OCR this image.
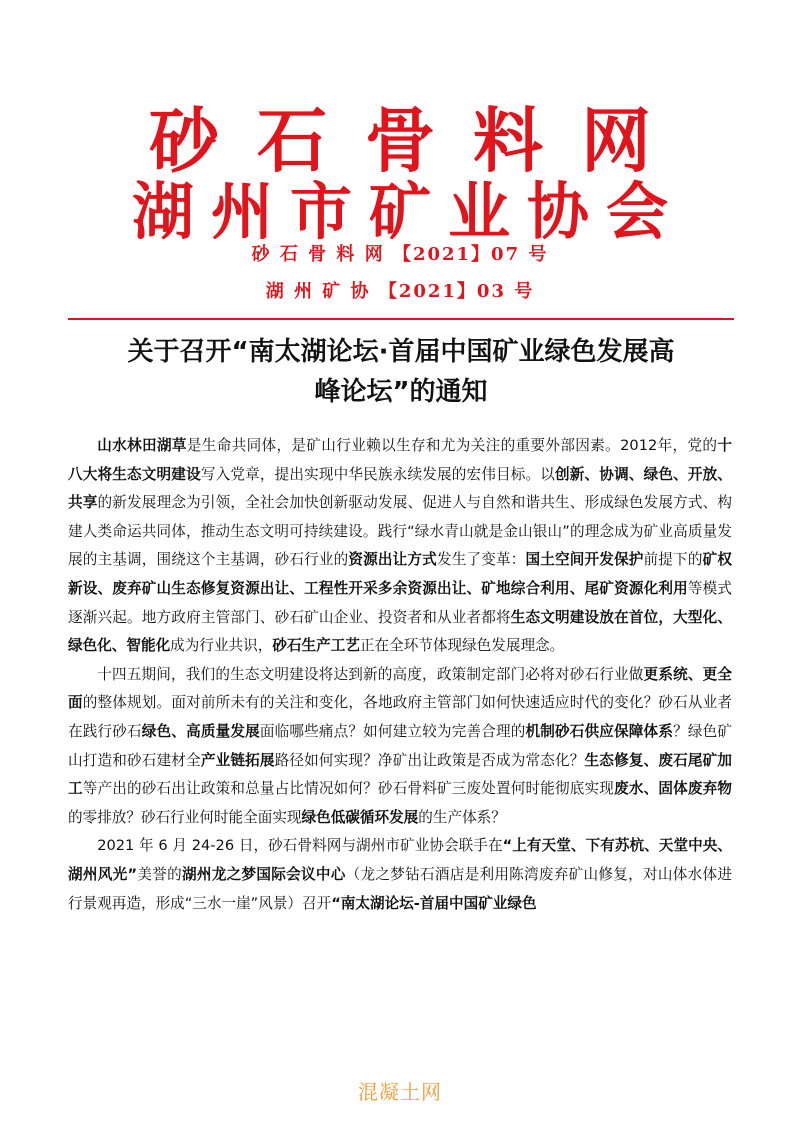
砂石骨料网
湖州市矿业协会
砂 石 骨 料 网 【2021】07 号
湖 州 矿 协 【2021】03 号
关于召开“南太湖论坛·首届中国矿业绿色发展高
峰论坛”的通知

山水林田湖草是生命共同体，是矿山行业赖以生存和尤为关注的重要外部因素。2012年，党的十八大将生态文明建设写入党章，提出实现中华民族永续发展的宏伟目标。以创新、协调、绿色、开放、共享的新发展理念为引领，全社会加快创新驱动发展、促进人与自然和谐共生、形成绿色发展方式、构建人类命运共同体，推动生态文明可持续建设。践行“绿水青山就是金山银山”的理念成为矿业高质量发展的主基调，围绕这个主基调，砂石行业的资源出让方式发生了变革：国土空间开发保护前提下的矿权新设、废弃矿山生态修复资源出让、工程性开采多余资源出让、矿地综合利用、尾矿资源化利用等模式逐渐兴起。地方政府主管部门、砂石矿山企业、投资者和从业者都将生态文明建设放在首位，大型化、绿色化、智能化成为行业共识，砂石生产工艺正在全环节体现绿色发展理念。

十四五期间，我们的生态文明建设将达到新的高度，政策制定部门必将对砂石行业做更系统、更全面的整体规划。面对前所未有的关注和变化，各地政府主管部门如何快速适应时代的变化？砂石从业者在践行砂石绿色、高质量发展面临哪些痛点？如何建立较为完善合理的机制砂石供应保障体系？绿色矿山打造和砂石建材全产业链拓展路径如何实现？净矿出让政策是否成为常态化？生态修复、废石尾矿加工等产出的砂石出让政策和总量占比情况如何？砂石骨料矿三废处置何时能彻底实现废水、固体废弃物的零排放？砂石行业何时能全面实现绿色低碳循环发展的生产体系？

2021 年 6 月 24-26 日，砂石骨料网与湖州市矿业协会联手在“上有天堂、下有苏杭、天堂中央、湖州风光”美誉的湖州龙之梦国际会议中心（龙之梦钻石酒店是利用陈湾废弃矿山修复，对山体水体进行景观再造，形成“三水一崖”风景）召开“南太湖论坛-首届中国矿业绿色

混凝土网
